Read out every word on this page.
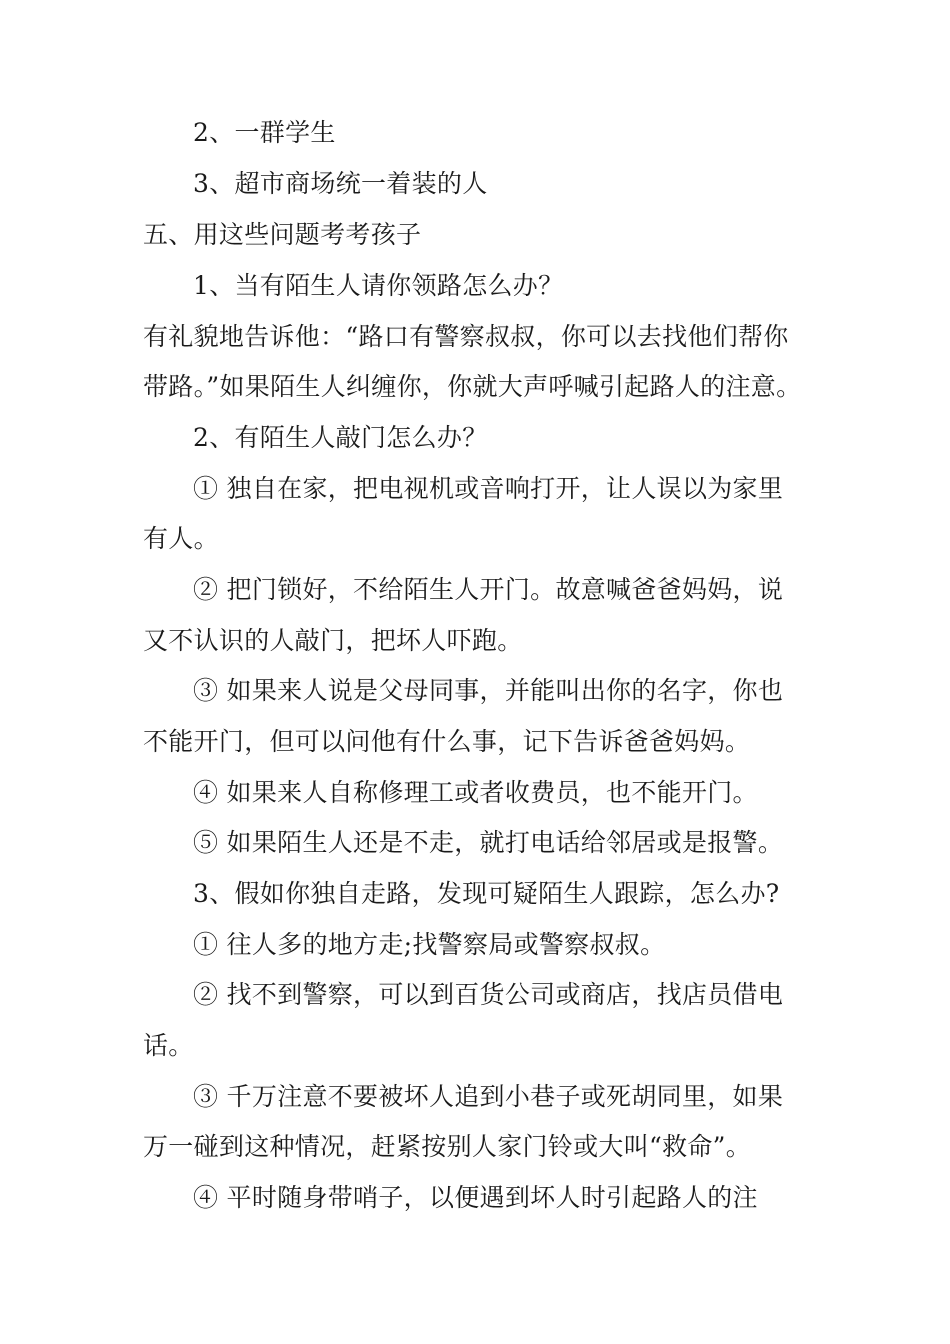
2、一群学生
3、超市商场统一着装的人
五、用这些问题考考孩子
1、当有陌生人请你领路怎么办？
有礼貌地告诉他：“路口有警察叔叔，你可以去找他们帮你
带路。”如果陌生人纠缠你，你就大声呼喊引起路人的注意。
2、有陌生人敲门怎么办？
① 独自在家，把电视机或音响打开，让人误以为家里
有人。
② 把门锁好，不给陌生人开门。故意喊爸爸妈妈，说
又不认识的人敲门，把坏人吓跑。
③ 如果来人说是父母同事，并能叫出你的名字，你也
不能开门，但可以问他有什么事，记下告诉爸爸妈妈。
④ 如果来人自称修理工或者收费员，也不能开门。
⑤ 如果陌生人还是不走，就打电话给邻居或是报警。
3、假如你独自走路，发现可疑陌生人跟踪，怎么办?
① 往人多的地方走;找警察局或警察叔叔。
② 找不到警察，可以到百货公司或商店，找店员借电
话。
③ 千万注意不要被坏人追到小巷子或死胡同里，如果
万一碰到这种情况，赶紧按别人家门铃或大叫“救命”。
④ 平时随身带哨子，以便遇到坏人时引起路人的注
